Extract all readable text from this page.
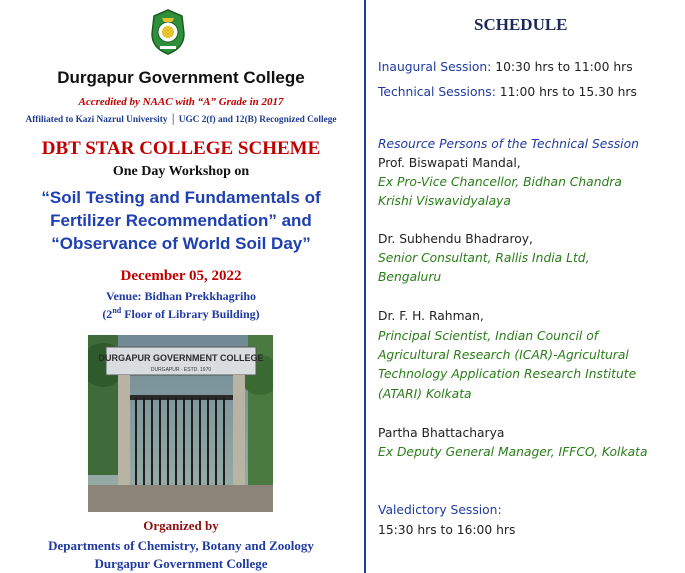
Durgapur Government College
Accredited by NAAC with “A” Grade in 2017
Affiliated to Kazi Nazrul University │ UGC 2(f) and 12(B) Recognized College
DBT STAR COLLEGE SCHEME
One Day Workshop on
“Soil Testing and Fundamentals of
Fertilizer Recommendation” and
“Observance of World Soil Day”
December 05, 2022
Venue: Bidhan Prekkhagriho
(2nd Floor of Library Building)
DURGAPUR GOVERNMENT COLLEGE
DURGAPUR · ESTD. 1970
Organized by
Departments of Chemistry, Botany and Zoology
Durgapur Government College
SCHEDULE
Inaugural Session: 10:30 hrs to 11:00 hrs
Technical Sessions: 11:00 hrs to 15.30 hrs
Resource Persons of the Technical Session
Prof. Biswapati Mandal,
Ex Pro-Vice Chancellor, Bidhan Chandra
Krishi Viswavidyalaya
Dr. Subhendu Bhadraroy,
Senior Consultant, Rallis India Ltd,
Bengaluru
Dr. F. H. Rahman,
Principal Scientist, Indian Council of
Agricultural Research (ICAR)-Agricultural
Technology Application Research Institute
(ATARI) Kolkata
Partha Bhattacharya
Ex Deputy General Manager, IFFCO, Kolkata
Valedictory Session:
15:30 hrs to 16:00 hrs
